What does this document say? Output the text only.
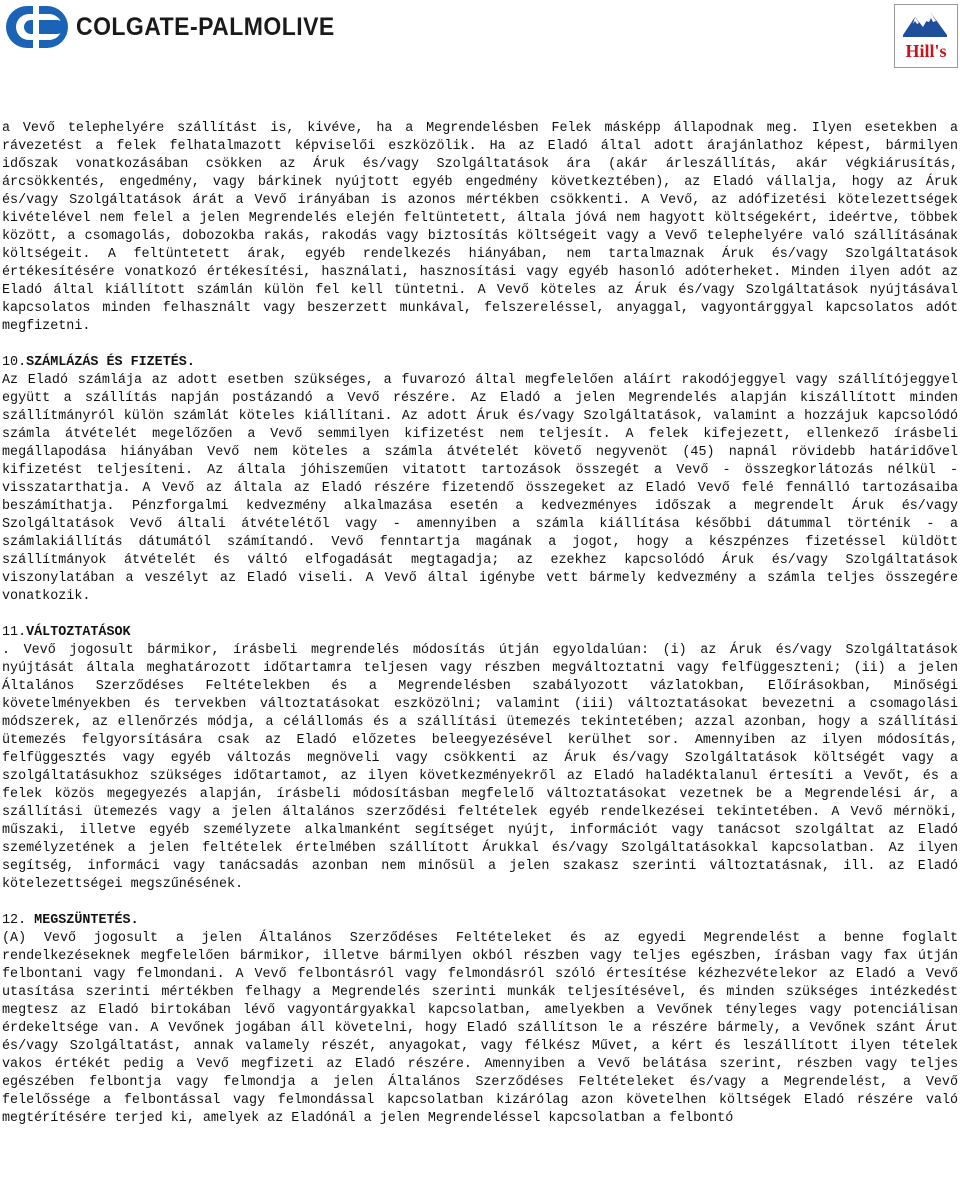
COLGATE-PALMOLIVE
Hill's

a Vevő telephelyére szállítást is, kivéve, ha a Megrendelésben Felek másképp állapodnak meg. Ilyen esetekben a rávezetést a felek felhatalmazott képviselői eszközölik. Ha az Eladó által adott árajánlathoz képest, bármilyen időszak vonatkozásában csökken az Áruk és/vagy Szolgáltatások ára (akár árleszállítás, akár végkiárusítás, árcsökkentés, engedmény, vagy bárkinek nyújtott egyéb engedmény következtében), az Eladó vállalja, hogy az Áruk és/vagy Szolgáltatások árát a Vevő irányában is azonos mértékben csökkenti. A Vevő, az adófizetési kötelezettségek kivételével nem felel a jelen Megrendelés elején feltüntetett, általa jóvá nem hagyott költségekért, ideértve, többek között, a csomagolás, dobozokba rakás, rakodás vagy biztosítás költségeit vagy a Vevő telephelyére való szállításának költségeit. A feltüntetett árak, egyéb rendelkezés hiányában, nem tartalmaznak Áruk és/vagy Szolgáltatások értékesítésére vonatkozó értékesítési, használati, hasznosítási vagy egyéb hasonló adóterheket. Minden ilyen adót az Eladó által kiállított számlán külön fel kell tüntetni. A Vevő köteles az Áruk és/vagy Szolgáltatások nyújtásával kapcsolatos minden felhasznált vagy beszerzett munkával, felszereléssel, anyaggal, vagyontárggyal kapcsolatos adót megfizetni.

10.SZÁMLÁZÁS ÉS FIZETÉS.

Az Eladó számlája az adott esetben szükséges, a fuvarozó által megfelelően aláírt rakodójeggyel vagy szállítójeggyel együtt a szállítás napján postázandó a Vevő részére. Az Eladó a jelen Megrendelés alapján kiszállított minden szállítmányról külön számlát köteles kiállítani. Az adott Áruk és/vagy Szolgáltatások, valamint a hozzájuk kapcsolódó számla átvételét megelőzően a Vevő semmilyen kifizetést nem teljesít. A felek kifejezett, ellenkező írásbeli megállapodása hiányában Vevő nem köteles a számla átvételét követő negyvenöt (45) napnál rövidebb határidővel kifizetést teljesíteni. Az általa jóhiszeműen vitatott tartozások összegét a Vevő - összegkorlátozás nélkül - visszatarthatja. A Vevő az általa az Eladó részére fizetendő összegeket az Eladó Vevő felé fennálló tartozásaiba beszámíthatja. Pénzforgalmi kedvezmény alkalmazása esetén a kedvezményes időszak a megrendelt Áruk és/vagy Szolgáltatások Vevő általi átvételétől vagy - amennyiben a számla kiállítása későbbi dátummal történik - a számlakiállítás dátumától számítandó. Vevő fenntartja magának a jogot, hogy a készpénzes fizetéssel küldött szállítmányok átvételét és váltó elfogadását megtagadja; az ezekhez kapcsolódó Áruk és/vagy Szolgáltatások viszonylatában a veszélyt az Eladó viseli. A Vevő által igénybe vett bármely kedvezmény a számla teljes összegére vonatkozik.

11.VÁLTOZTATÁSOK

. Vevő jogosult bármikor, írásbeli megrendelés módosítás útján egyoldalúan: (i) az Áruk és/vagy Szolgáltatások nyújtását általa meghatározott időtartamra teljesen vagy részben megváltoztatni vagy felfüggeszteni; (ii) a jelen Általános Szerződéses Feltételekben és a Megrendelésben szabályozott vázlatokban, Előírásokban, Minőségi követelményekben és tervekben változtatásokat eszközölni; valamint (iii) változtatásokat bevezetni a csomagolási módszerek, az ellenőrzés módja, a célállomás és a szállítási ütemezés tekintetében; azzal azonban, hogy a szállítási ütemezés felgyorsítására csak az Eladó előzetes beleegyezésével kerülhet sor. Amennyiben az ilyen módosítás, felfüggesztés vagy egyéb változás megnöveli vagy csökkenti az Áruk és/vagy Szolgáltatások költségét vagy a szolgáltatásukhoz szükséges időtartamot, az ilyen következményekről az Eladó haladéktalanul értesíti a Vevőt, és a felek közös megegyezés alapján, írásbeli módosításban megfelelő változtatásokat vezetnek be a Megrendelési ár, a szállítási ütemezés vagy a jelen általános szerződési feltételek egyéb rendelkezései tekintetében. A Vevő mérnöki, műszaki, illetve egyéb személyzete alkalmanként segítséget nyújt, információt vagy tanácsot szolgáltat az Eladó személyzetének a jelen feltételek értelmében szállított Árukkal és/vagy Szolgáltatásokkal kapcsolatban. Az ilyen segítség, informáci vagy tanácsadás azonban nem minősül a jelen szakasz szerinti változtatásnak, ill. az Eladó kötelezettségei megszűnésének.

12. MEGSZÜNTETÉS.

(A) Vevő jogosult a jelen Általános Szerződéses Feltételeket és az egyedi Megrendelést a benne foglalt rendelkezéseknek megfelelően bármikor, illetve bármilyen okból részben vagy teljes egészben, írásban vagy fax útján felbontani vagy felmondani. A Vevő felbontásról vagy felmondásról szóló értesítése kézhezvételekor az Eladó a Vevő utasítása szerinti mértékben felhagy a Megrendelés szerinti munkák teljesítésével, és minden szükséges intézkedést megtesz az Eladó birtokában lévő vagyontárgyakkal kapcsolatban, amelyekben a Vevőnek tényleges vagy potenciálisan érdekeltsége van. A Vevőnek jogában áll követelni, hogy Eladó szállítson le a részére bármely, a Vevőnek szánt Árut és/vagy Szolgáltatást, annak valamely részét, anyagokat, vagy félkész Művet, a kért és leszállított ilyen tételek vakos értékét pedig a Vevő megfizeti az Eladó részére. Amennyiben a Vevő belátása szerint, részben vagy teljes egészében felbontja vagy felmondja a jelen Általános Szerződéses Feltételeket és/vagy a Megrendelést, a Vevő felelőssége a felbontással vagy felmondással kapcsolatban kizárólag azon követelhen költségek Eladó részére való megtérítésére terjed ki, amelyek az Eladónál a jelen Megrendeléssel kapcsolatban a felbontó
